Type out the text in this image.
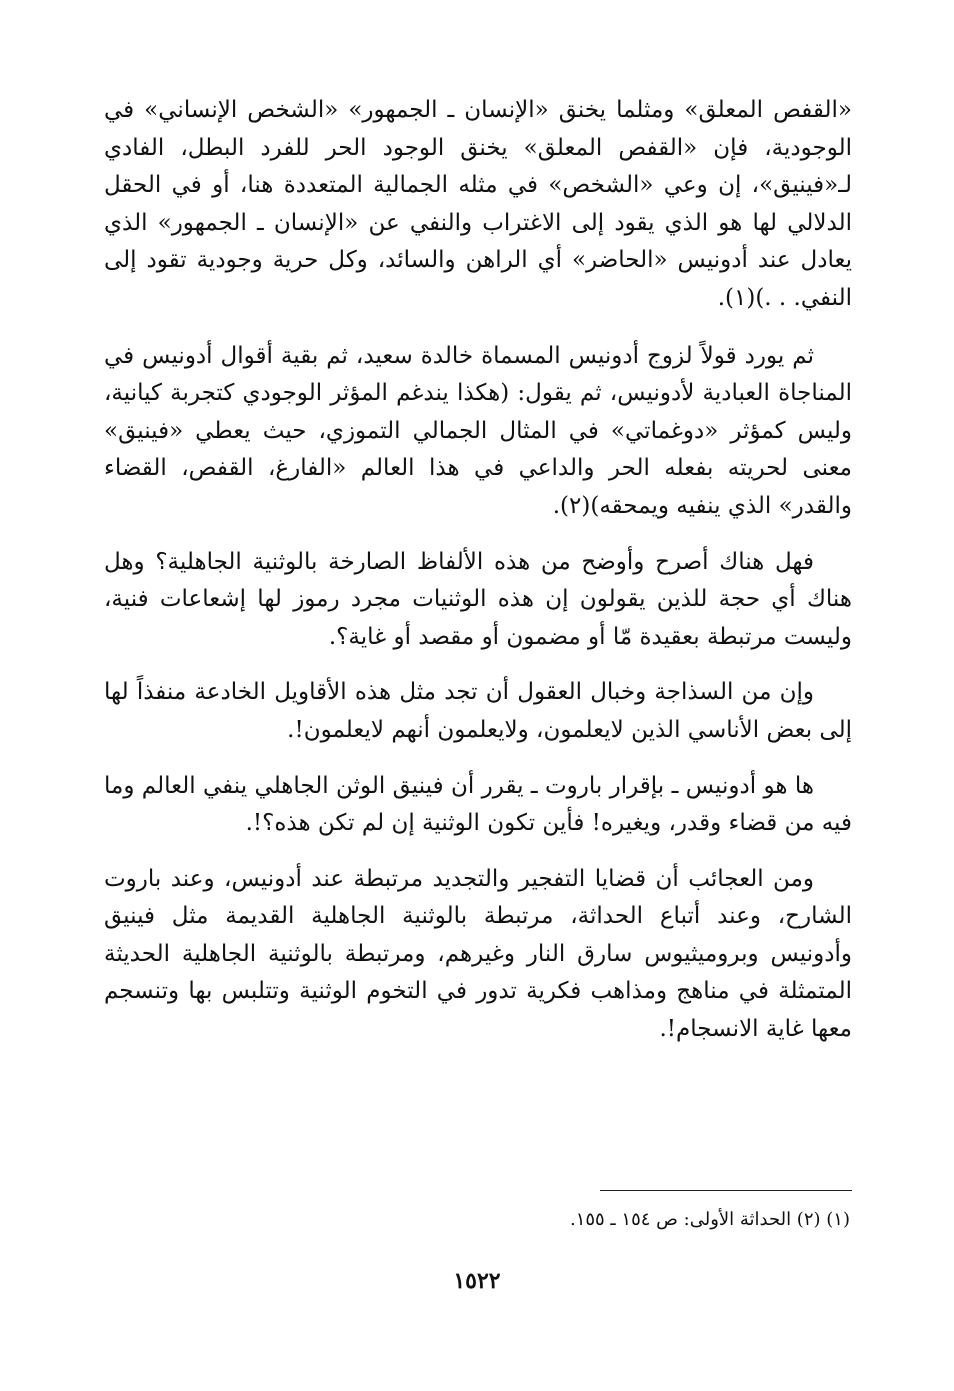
«القفص المعلق» ومثلما يخنق «الإنسان ـ الجمهور» «الشخص الإنساني» في الوجودية، فإن «القفص المعلق» يخنق الوجود الحر للفرد البطل، الفادي لـ«فينيق»، إن وعي «الشخص» في مثله الجمالية المتعددة هنا، أو في الحقل الدلالي لها هو الذي يقود إلى الاغتراب والنفي عن «الإنسان ـ الجمهور» الذي يعادل عند أدونيس «الحاضر» أي الراهن والسائد، وكل حرية وجودية تقود إلى النفي. . .)(١).

ثم يورد قولاً لزوج أدونيس المسماة خالدة سعيد، ثم بقية أقوال أدونيس في المناجاة العبادية لأدونيس، ثم يقول: (هكذا يندغم المؤثر الوجودي كتجربة كيانية، وليس كمؤثر «دوغماتي» في المثال الجمالي التموزي، حيث يعطي «فينيق» معنى لحريته بفعله الحر والداعي في هذا العالم «الفارغ، القفص، القضاء والقدر» الذي ينفيه ويمحقه)(٢).

فهل هناك أصرح وأوضح من هذه الألفاظ الصارخة بالوثنية الجاهلية؟ وهل هناك أي حجة للذين يقولون إن هذه الوثنيات مجرد رموز لها إشعاعات فنية، وليست مرتبطة بعقيدة مّا أو مضمون أو مقصد أو غاية؟.

وإن من السذاجة وخبال العقول أن تجد مثل هذه الأقاويل الخادعة منفذاً لها إلى بعض الأناسي الذين لايعلمون، ولايعلمون أنهم لايعلمون!.

ها هو أدونيس ـ بإقرار باروت ـ يقرر أن فينيق الوثن الجاهلي ينفي العالم وما فيه من قضاء وقدر، ويغيره! فأين تكون الوثنية إن لم تكن هذه؟!.

ومن العجائب أن قضايا التفجير والتجديد مرتبطة عند أدونيس، وعند باروت الشارح، وعند أتباع الحداثة، مرتبطة بالوثنية الجاهلية القديمة مثل فينيق وأدونيس وبروميثيوس سارق النار وغيرهم، ومرتبطة بالوثنية الجاهلية الحديثة المتمثلة في مناهج ومذاهب فكرية تدور في التخوم الوثنية وتتلبس بها وتنسجم معها غاية الانسجام!.

(١) (٢) الحداثة الأولى: ص ١٥٤ ـ ١٥٥.

١٥٢٢
